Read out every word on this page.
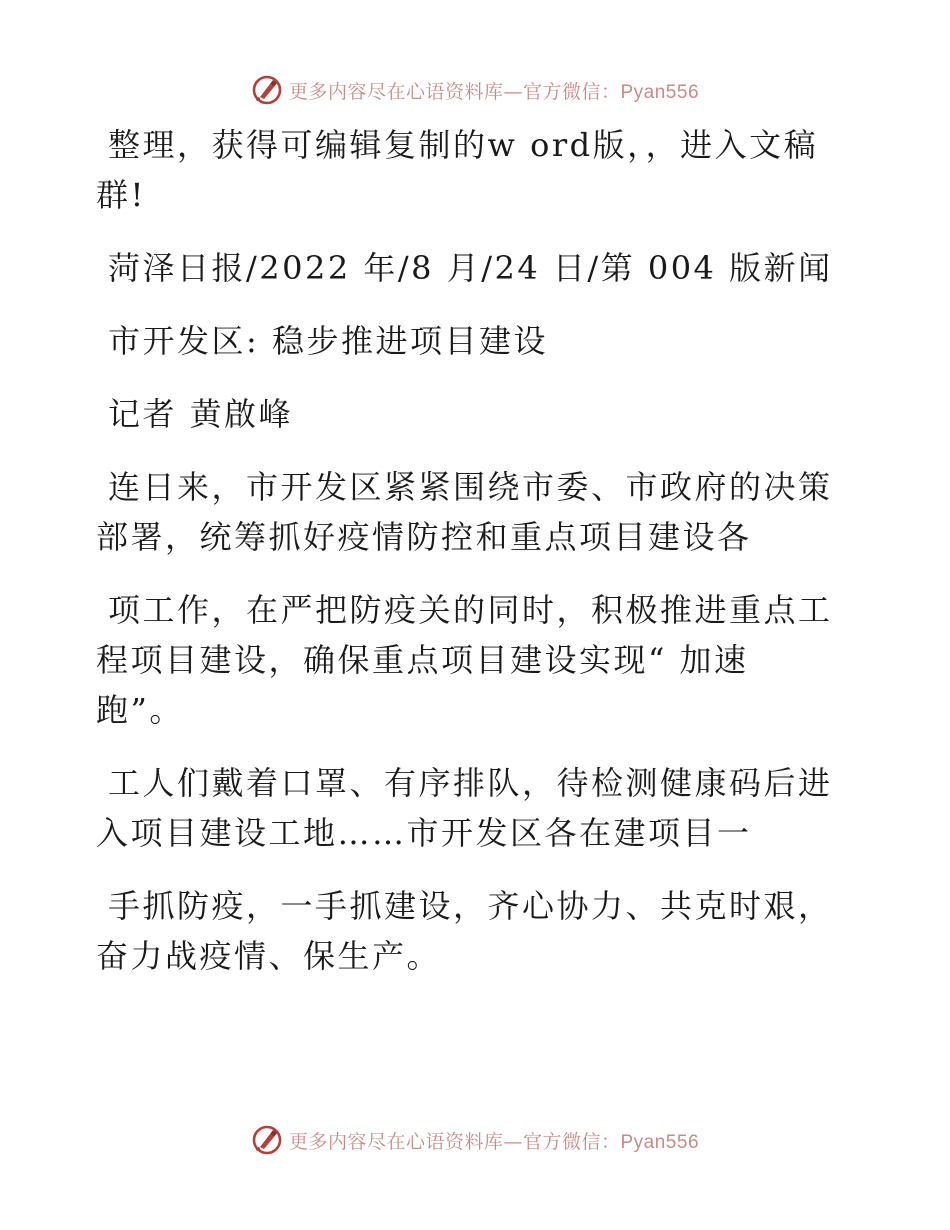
更多内容尽在心语资料库—官方微信：Pyan556

整理，获得可编辑复制的w ord版，，进入文稿
群!

菏泽日报/2022 年/8 月/24 日/第 004 版新闻

市开发区: 稳步推进项目建设

记者 黄啟峰

连日来，市开发区紧紧围绕市委、市政府的决策
部署，统筹抓好疫情防控和重点项目建设各

项工作，在严把防疫关的同时，积极推进重点工
程项目建设，确保重点项目建设实现“ 加速
跑”。

工人们戴着口罩、有序排队，待检测健康码后进
入项目建设工地……市开发区各在建项目一

手抓防疫，一手抓建设，齐心协力、共克时艰，
奋力战疫情、保生产。

更多内容尽在心语资料库—官方微信：Pyan556
